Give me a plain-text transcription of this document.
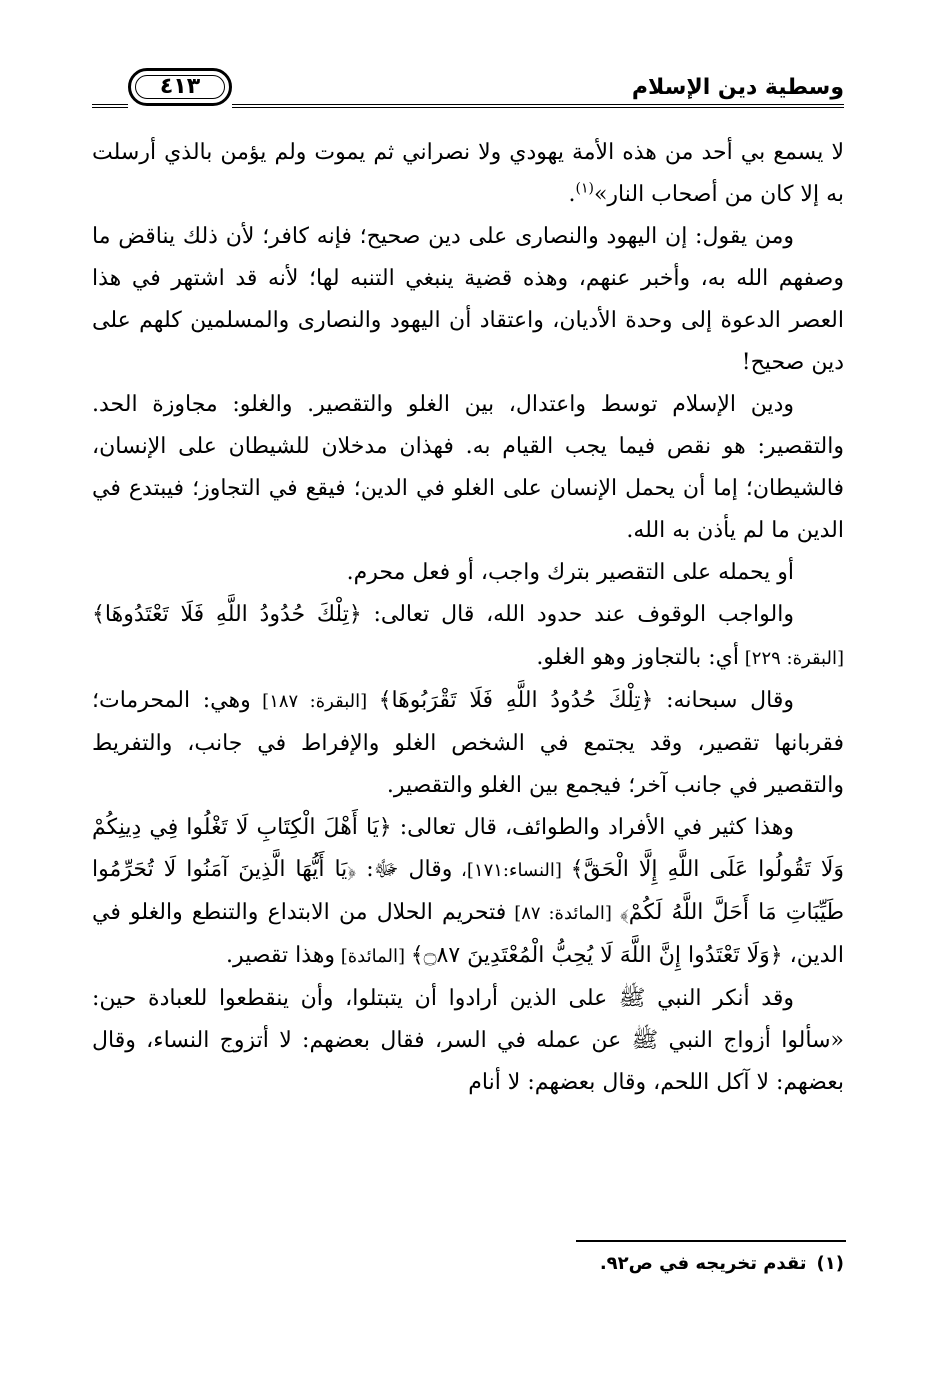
وسطية دين الإسلام
٤١٣

لا يسمع بي أحد من هذه الأمة يهودي ولا نصراني ثم يموت ولم يؤمن بالذي أرسلت به إلا كان من أصحاب النار»$^{(١)}$.

ومن يقول: إن اليهود والنصارى على دين صحيح؛ فإنه كافر؛ لأن ذلك يناقض ما وصفهم الله به، وأخبر عنهم، وهذه قضية ينبغي التنبه لها؛ لأنه قد اشتهر في هذا العصر الدعوة إلى وحدة الأديان، واعتقاد أن اليهود والنصارى والمسلمين كلهم على دين صحيح!

ودين الإسلام توسط واعتدال، بين الغلو والتقصير. والغلو: مجاوزة الحد. والتقصير: هو نقص فيما يجب القيام به. فهذان مدخلان للشيطان على الإنسان، فالشيطان؛ إما أن يحمل الإنسان على الغلو في الدين؛ فيقع في التجاوز؛ فيبتدع في الدين ما لم يأذن به الله.

أو يحمله على التقصير بترك واجب، أو فعل محرم.

والواجب الوقوف عند حدود الله، قال تعالى: ﴿تِلْكَ حُدُودُ اللَّهِ فَلَا تَعْتَدُوهَا﴾ [البقرة: ٢٢٩] أي: بالتجاوز وهو الغلو.

وقال سبحانه: ﴿تِلْكَ حُدُودُ اللَّهِ فَلَا تَقْرَبُوهَا﴾ [البقرة: ١٨٧] وهي: المحرمات؛ فقربانها تقصير، وقد يجتمع في الشخص الغلو والإفراط في جانب، والتفريط والتقصير في جانب آخر؛ فيجمع بين الغلو والتقصير.

وهذا كثير في الأفراد والطوائف، قال تعالى: ﴿يَا أَهْلَ الْكِتَابِ لَا تَغْلُوا فِي دِينِكُمْ وَلَا تَقُولُوا عَلَى اللَّهِ إِلَّا الْحَقَّ﴾ [النساء:١٧١]، وقال ﷻ: ﴿يَا أَيُّهَا الَّذِينَ آمَنُوا لَا تُحَرِّمُوا طَيِّبَاتِ مَا أَحَلَّ اللَّهُ لَكُمْ﴾ [المائدة: ٨٧] فتحريم الحلال من الابتداع والتنطع والغلو في الدين، ﴿وَلَا تَعْتَدُوا إِنَّ اللَّهَ لَا يُحِبُّ الْمُعْتَدِينَ ۝٨٧﴾ [المائدة] وهذا تقصير.

وقد أنكر النبي ﷺ على الذين أرادوا أن يتبتلوا، وأن ينقطعوا للعبادة حين: «سألوا أزواج النبي ﷺ عن عمله في السر، فقال بعضهم: لا أتزوج النساء، وقال بعضهم: لا آكل اللحم، وقال بعضهم: لا أنام

(١)تقدم تخريجه في ص٩٢.
